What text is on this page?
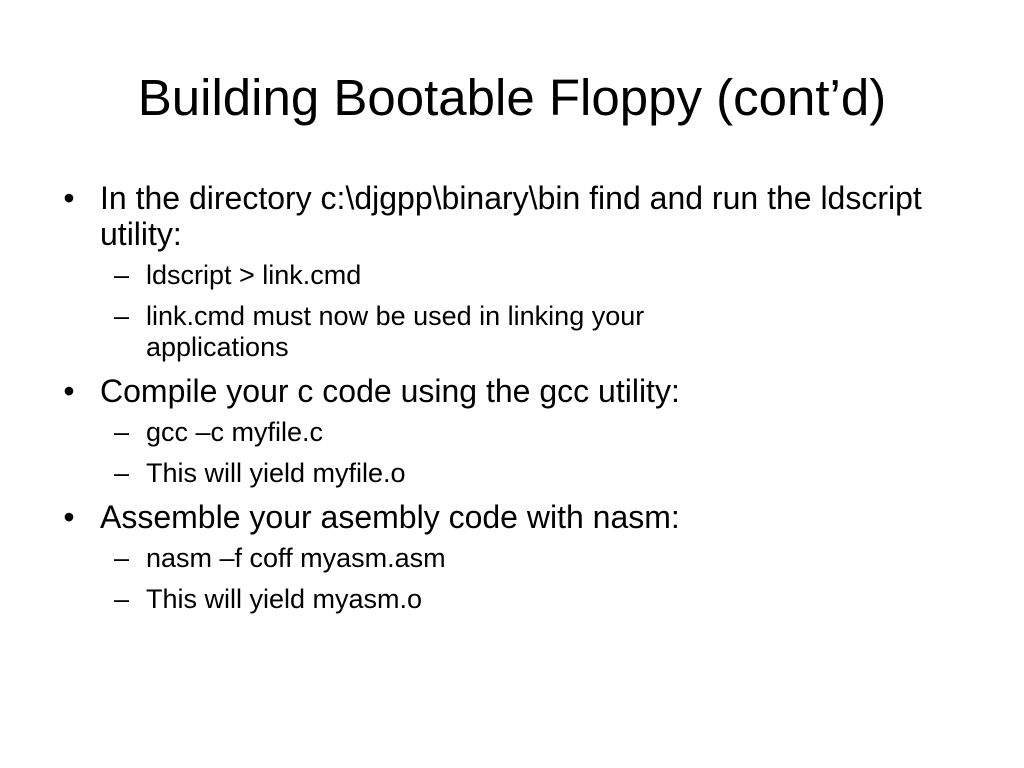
Building Bootable Floppy (cont’d)
• In the directory c:\djgpp\binary\bin find and run the ldscript utility:
– ldscript > link.cmd
– link.cmd must now be used in linking your applications
• Compile your c code using the gcc utility:
– gcc –c myfile.c
– This will yield myfile.o
• Assemble your asembly code with nasm:
– nasm –f coff myasm.asm
– This will yield myasm.o
